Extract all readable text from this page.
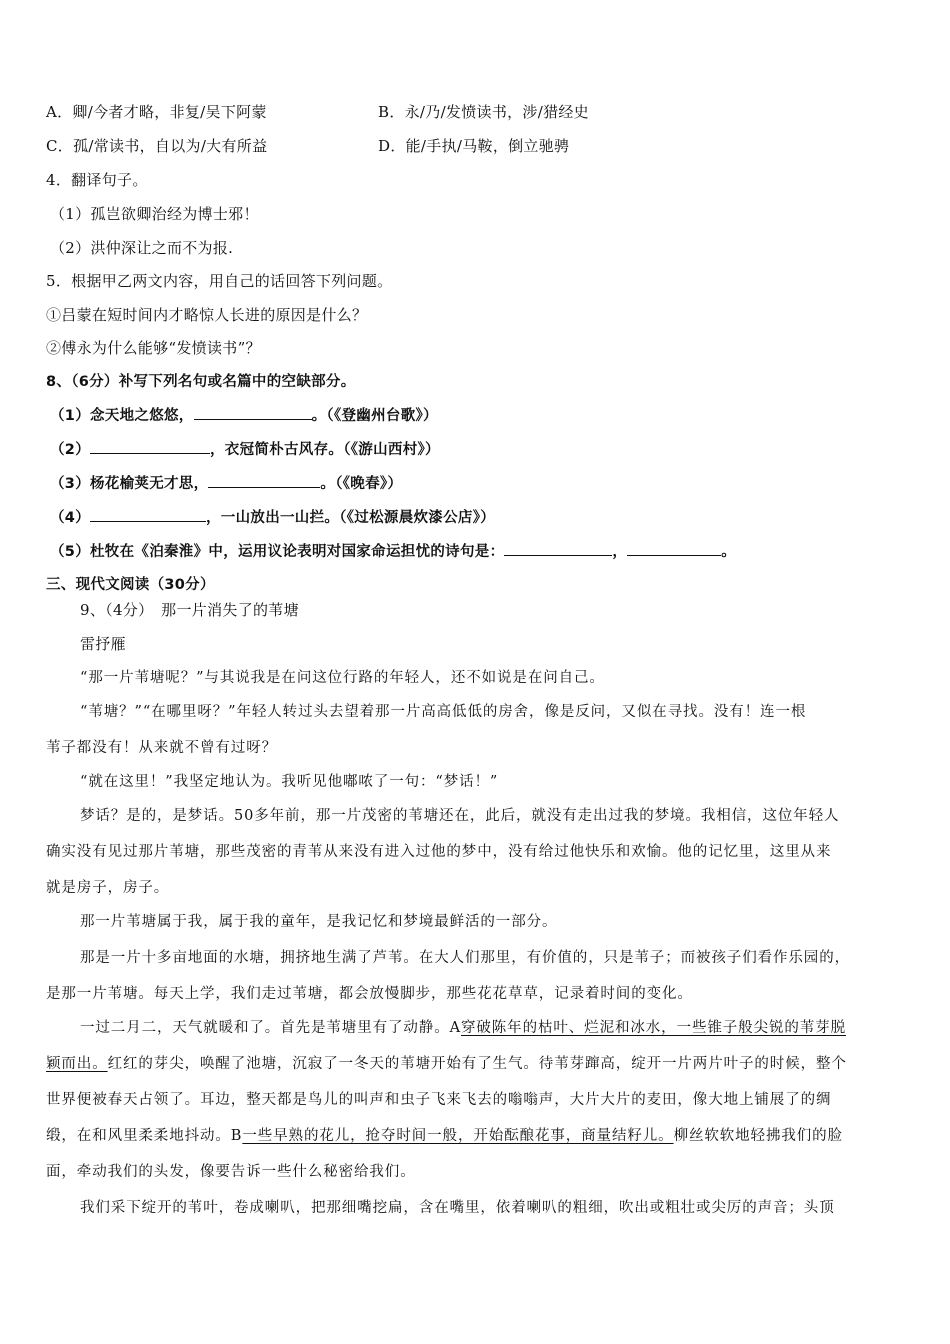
A．卿/今者才略，非复/吴下阿蒙	B．永/乃/发愤读书，涉/猎经史
C．孤/常读书，自以为/大有所益	D．能/手执/马鞍，倒立驰骋
4．翻译句子。
（1）孤岂欲卿治经为博士邪！
（2）洪仲深让之而不为报.
5．根据甲乙两文内容，用自己的话回答下列问题。
①吕蒙在短时间内才略惊人长进的原因是什么？
②傅永为什么能够“发愤读书”？
8、（6分）补写下列名句或名篇中的空缺部分。
（1）念天地之悠悠，	。（《登幽州台歌》）
（2）	，衣冠简朴古风存。（《游山西村》）
（3）杨花榆荚无才思，	。（《晚春》）
（4）	，一山放出一山拦。（《过松源晨炊漆公店》）
（5）杜牧在《泊秦淮》中，运用议论表明对国家命运担忧的诗句是：	，	。
三、现代文阅读（30分）
9、（4分）　那一片消失了的苇塘
雷抒雁
“那一片苇塘呢？”与其说我是在问这位行路的年轻人，还不如说是在问自己。
“苇塘？”“在哪里呀？”年轻人转过头去望着那一片高高低低的房舍，像是反问，又似在寻找。没有！连一根
苇子都没有！从来就不曾有过呀？
“就在这里！”我坚定地认为。我听见他嘟哝了一句：“梦话！”
梦话？是的，是梦话。50多年前，那一片茂密的苇塘还在，此后，就没有走出过我的梦境。我相信，这位年轻人
确实没有见过那片苇塘，那些茂密的青苇从来没有进入过他的梦中，没有给过他快乐和欢愉。他的记忆里，这里从来
就是房子，房子。
那一片苇塘属于我，属于我的童年，是我记忆和梦境最鲜活的一部分。
那是一片十多亩地面的水塘，拥挤地生满了芦苇。在大人们那里，有价值的，只是苇子；而被孩子们看作乐园的，
是那一片苇塘。每天上学，我们走过苇塘，都会放慢脚步，那些花花草草，记录着时间的变化。
一过二月二，天气就暖和了。首先是苇塘里有了动静。A穿破陈年的枯叶、烂泥和冰水，一些锥子般尖锐的苇芽脱
颖而出。红红的芽尖，唤醒了池塘，沉寂了一冬天的苇塘开始有了生气。待苇芽蹿高，绽开一片两片叶子的时候，整个
世界便被春天占领了。耳边，整天都是鸟儿的叫声和虫子飞来飞去的嗡嗡声，大片大片的麦田，像大地上铺展了的绸
缎，在和风里柔柔地抖动。B一些早熟的花儿，抢夺时间一般，开始酝酿花事，商量结籽儿。柳丝软软地轻拂我们的脸
面，牵动我们的头发，像要告诉一些什么秘密给我们。
我们采下绽开的苇叶，卷成喇叭，把那细嘴挖扁，含在嘴里，依着喇叭的粗细，吹出或粗壮或尖厉的声音；头顶
